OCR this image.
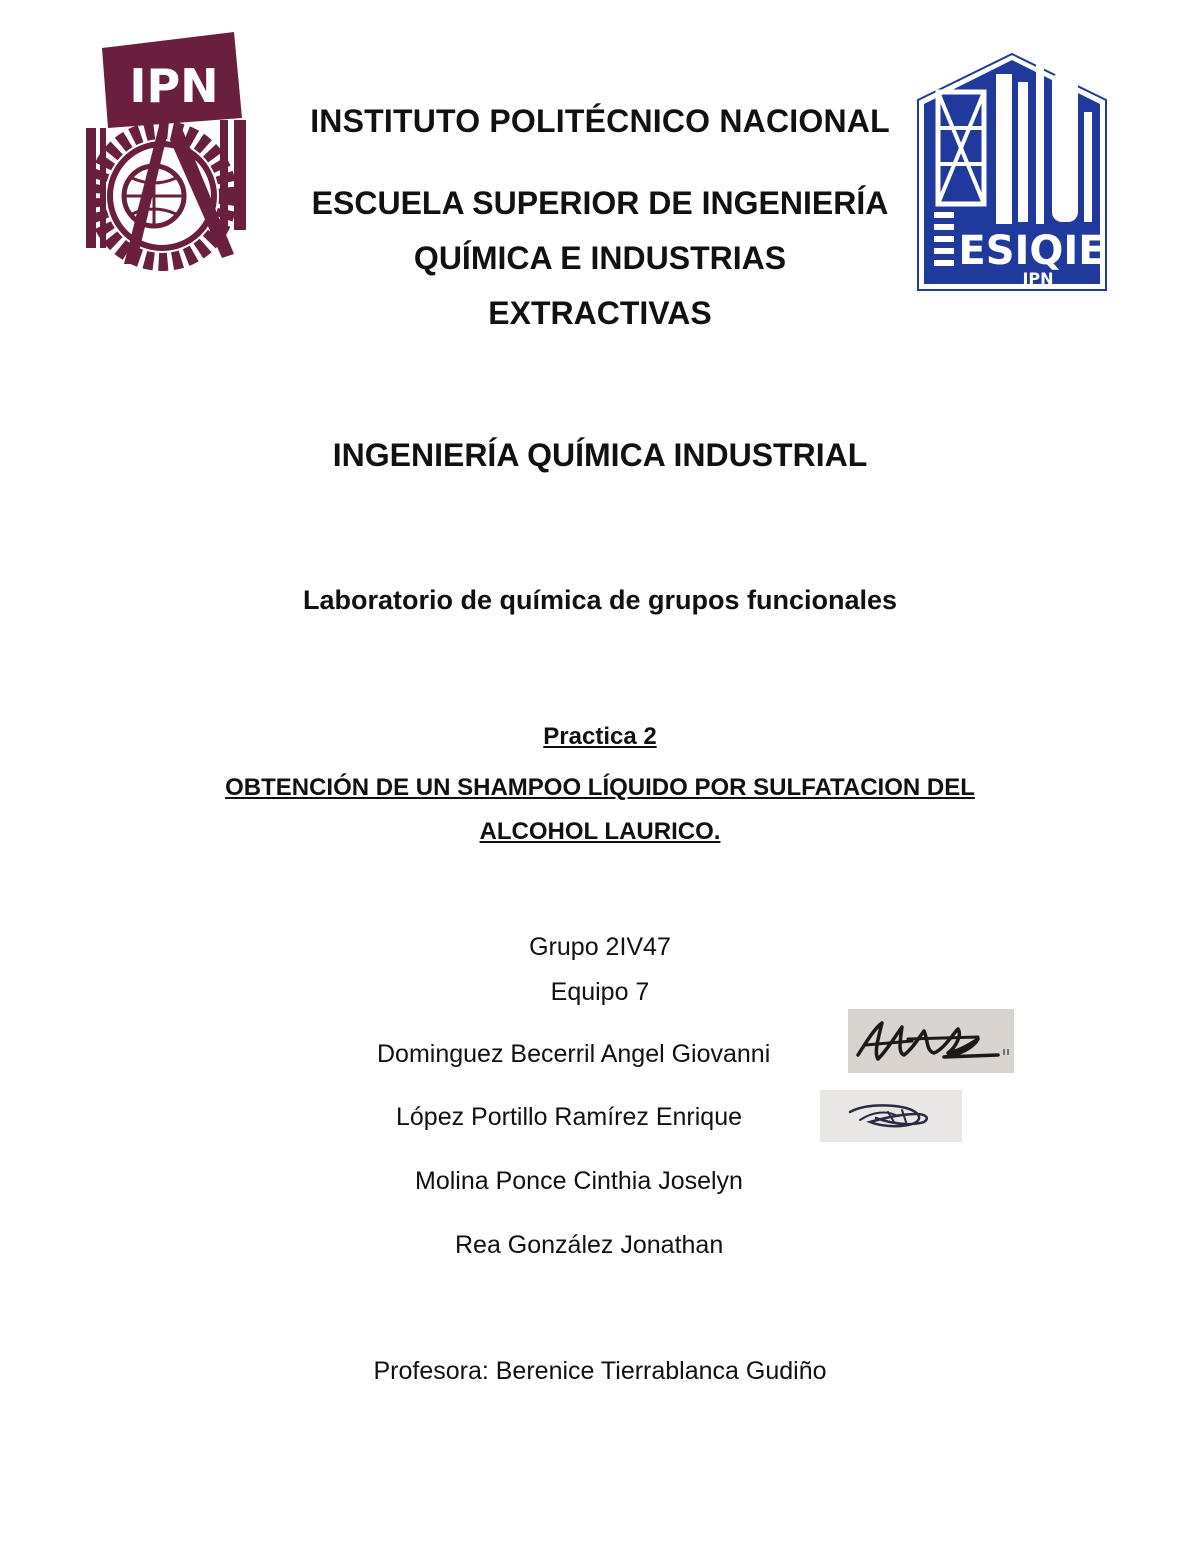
IPN
ESIQIE
IPN
INSTITUTO POLITÉCNICO NACIONAL
ESCUELA SUPERIOR DE INGENIERÍA
QUÍMICA E INDUSTRIAS
EXTRACTIVAS
INGENIERÍA QUÍMICA INDUSTRIAL
Laboratorio de química de grupos funcionales
Practica 2
OBTENCIÓN DE UN SHAMPOO LÍQUIDO POR SULFATACION DEL
ALCOHOL LAURICO.
Grupo 2IV47
Equipo 7
Dominguez Becerril Angel Giovanni
López Portillo Ramírez Enrique
Molina Ponce Cinthia Joselyn
Rea González Jonathan
Profesora: Berenice Tierrablanca Gudiño
